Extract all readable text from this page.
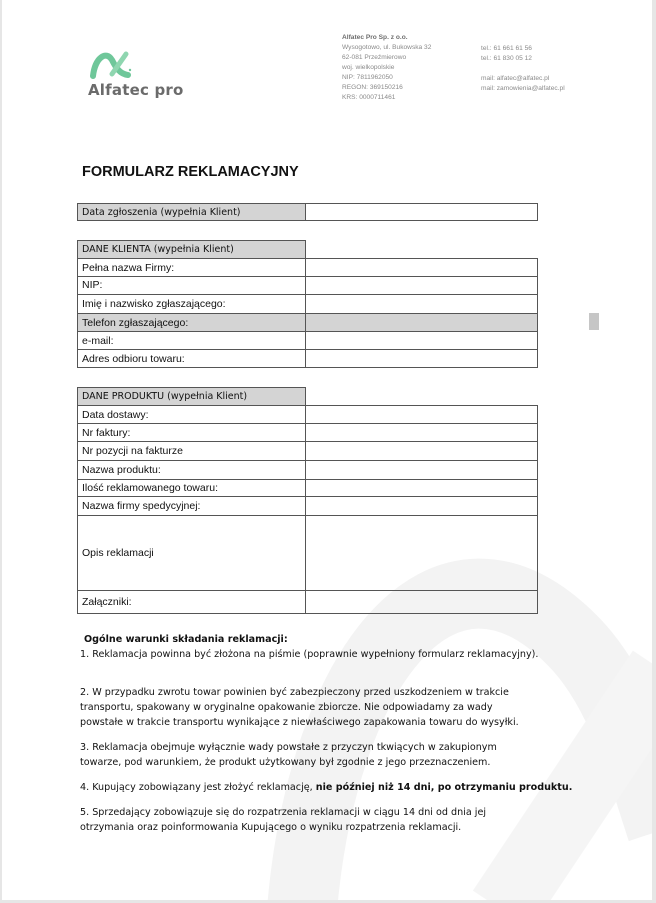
Alfatec pro
Alfatec Pro Sp. z o.o.
Wysogotowo, ul. Bukowska 32
62-081 Przeźmierowo
woj. wielkopolskie
NIP: 7811962050
REGON: 369150216
KRS: 0000711461
tel.: 61 661 61 56
tel.: 61 830 05 12
mail: alfatec@alfatec.pl
mail: zamowienia@alfatec.pl
FORMULARZ REKLAMACYJNY
Data zgłoszenia (wypełnia Klient)
DANE KLIENTA (wypełnia Klient)
Pełna nazwa Firmy:
NIP:
Imię i nazwisko zgłaszającego:
Telefon zgłaszającego:
e-mail:
Adres odbioru towaru:
DANE PRODUKTU (wypełnia Klient)
Data dostawy:
Nr faktury:
Nr pozycji na fakturze
Nazwa produktu:
Ilość reklamowanego towaru:
Nazwa firmy spedycyjnej:
Opis reklamacji
Załączniki:
Ogólne warunki składania reklamacji:

1. Reklamacja powinna być złożona na piśmie (poprawnie wypełniony formularz reklamacyjny).

2. W przypadku zwrotu towar powinien być zabezpieczony przed uszkodzeniem w trakcie

transportu, spakowany w oryginalne opakowanie zbiorcze. Nie odpowiadamy za wady

powstałe w trakcie transportu wynikające z niewłaściwego zapakowania towaru do wysyłki.

3. Reklamacja obejmuje wyłącznie wady powstałe z przyczyn tkwiących w zakupionym

towarze, pod warunkiem, że produkt użytkowany był zgodnie z jego przeznaczeniem.

4. Kupujący zobowiązany jest złożyć reklamację, nie później niż 14 dni, po otrzymaniu produktu.

5. Sprzedający zobowiązuje się do rozpatrzenia reklamacji w ciągu 14 dni od dnia jej

otrzymania oraz poinformowania Kupującego o wyniku rozpatrzenia reklamacji.
